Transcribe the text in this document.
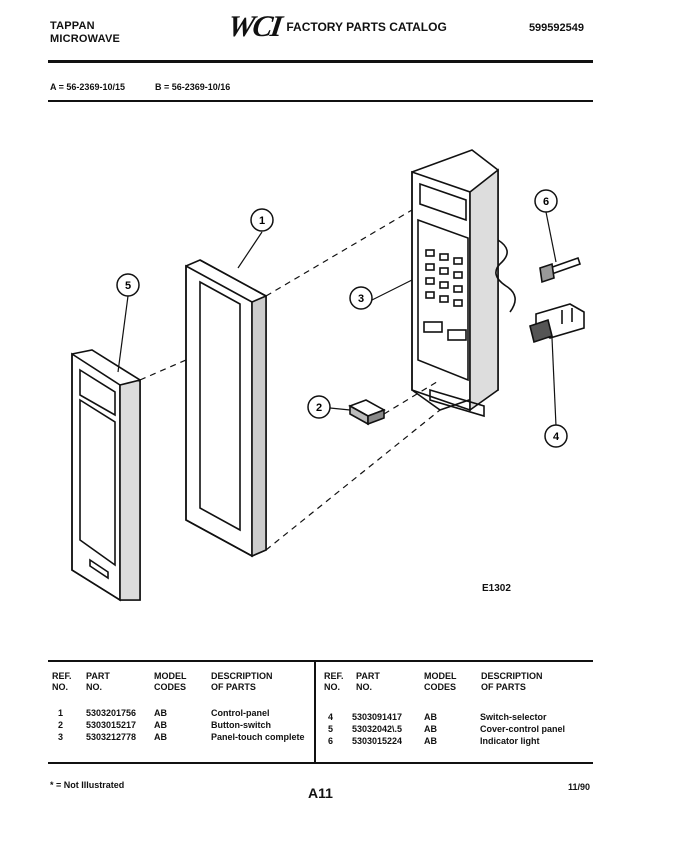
TAPPAN
MICROWAVE	WCI FACTORY PARTS CATALOG	599592549
A = 56-2369-10/15	B = 56-2369-10/16
1
5
3
2
6
4
E1302
REF.
NO.
PART
NO.
MODEL
CODES
DESCRIPTION
OF PARTS
REF.
NO.
PART
NO.
MODEL
CODES
DESCRIPTION
OF PARTS
1	5303201756	AB	Control-panel
2	5303015217	AB	Button-switch
3	5303212778	AB	Panel-touch complete
4	5303091417	AB	Switch-selector
5	53032042\.5	AB	Cover-control panel
6	5303015224	AB	Indicator light
* = Not Illustrated	A11	11/90
